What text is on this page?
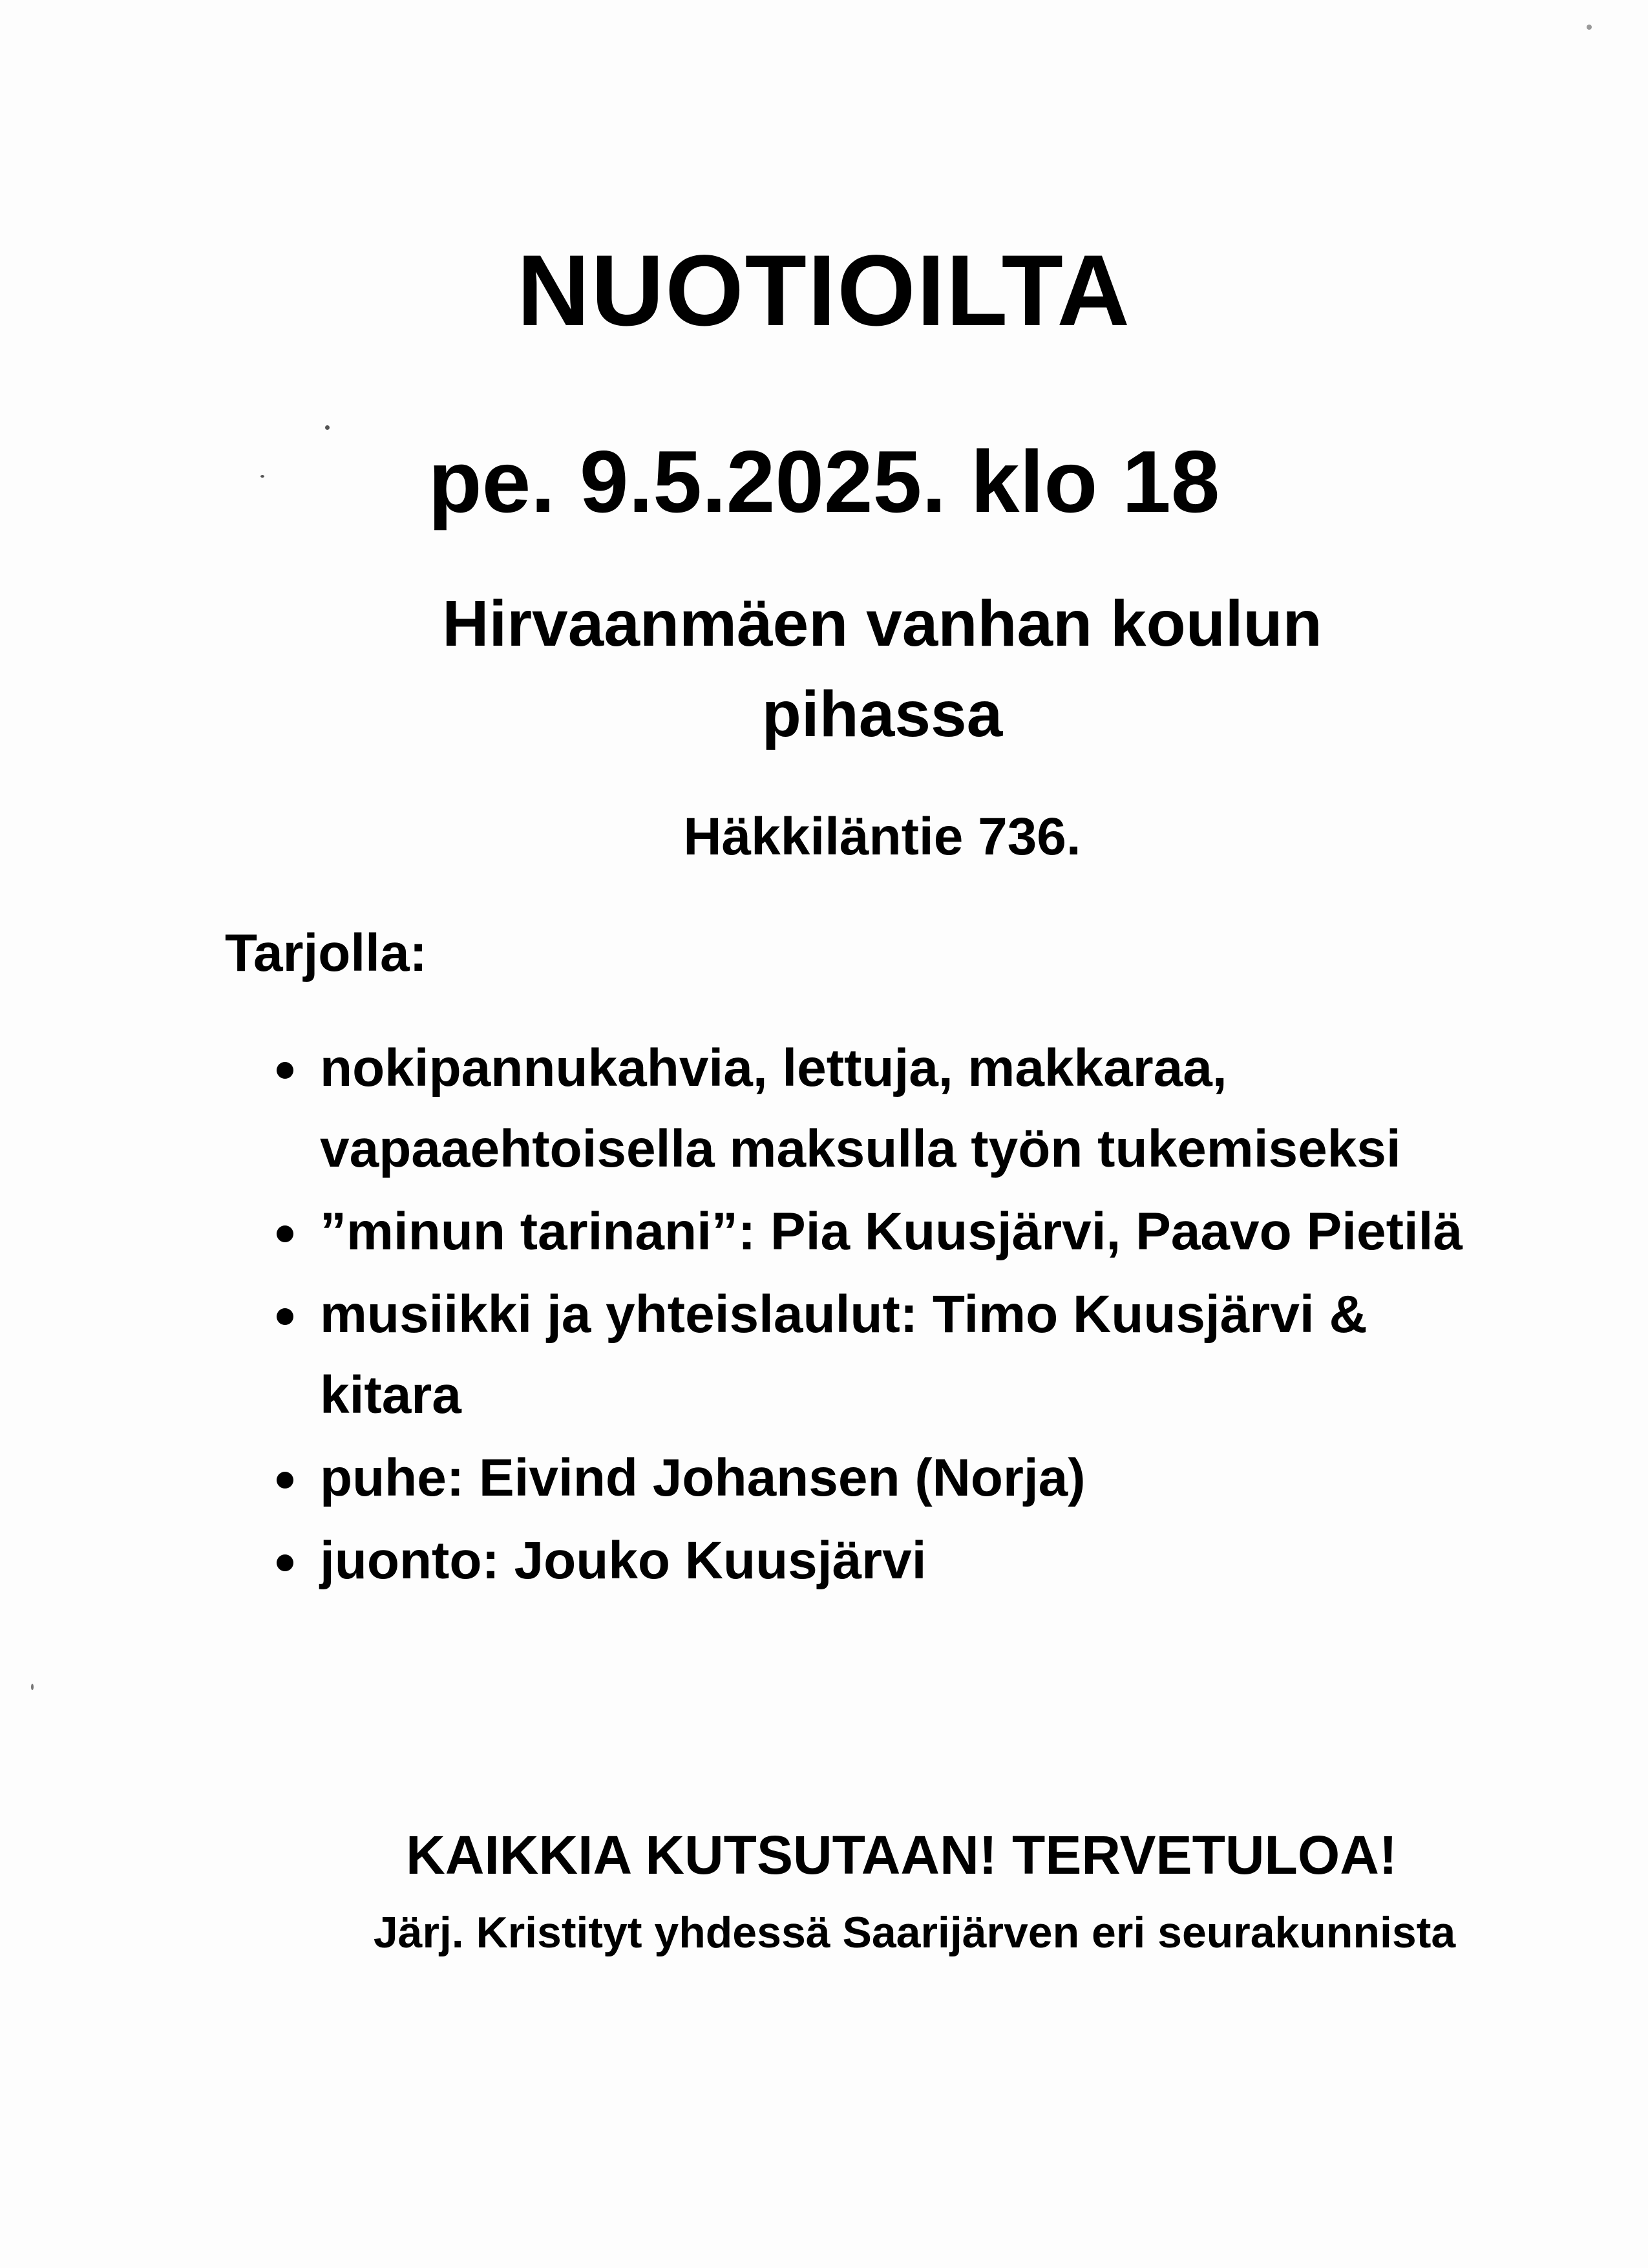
NUOTIOILTA
pe. 9.5.2025. klo 18
Hirvaanmäen vanhan koulun pihassa
Häkkiläntie 736.

Tarjolla:

nokipannukahvia, lettuja, makkaraa, vapaaehtoisella maksulla työn tukemiseksi
”minun tarinani”: Pia Kuusjärvi, Paavo Pietilä
musiikki ja yhteislaulut: Timo Kuusjärvi & kitara
puhe: Eivind Johansen (Norja)
juonto: Jouko Kuusjärvi
KAIKKIA KUTSUTAAN! TERVETULOA!
Järj. Kristityt yhdessä Saarijärven eri seurakunnista
